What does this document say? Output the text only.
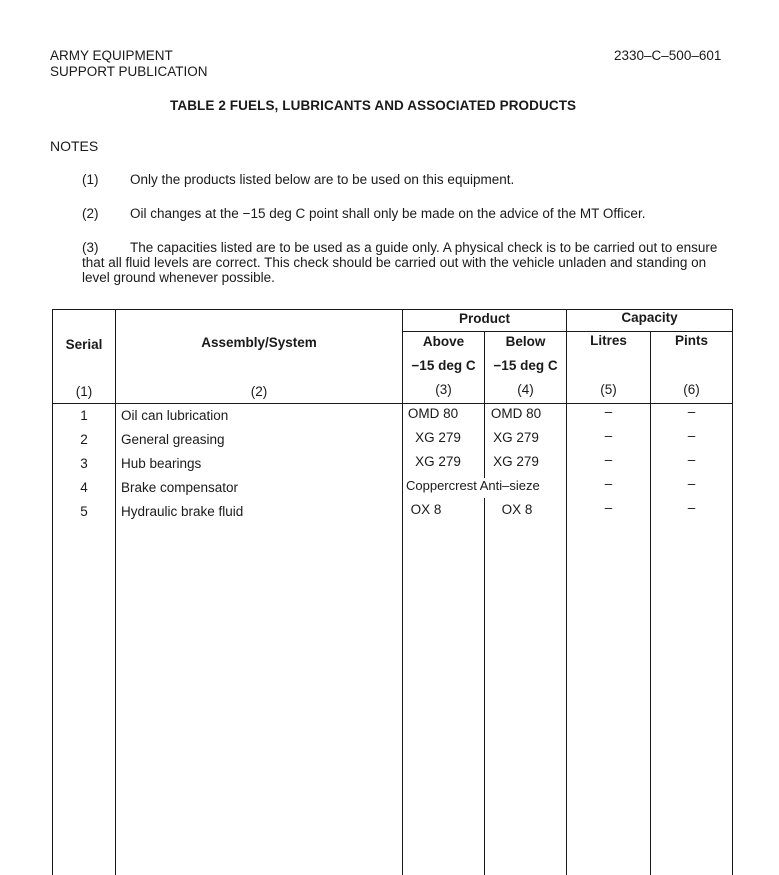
ARMY EQUIPMENT
SUPPORT PUBLICATION
2330–C–500–601
TABLE 2 FUELS, LUBRICANTS AND ASSOCIATED PRODUCTS
NOTES
(1) Only the products listed below are to be used on this equipment.
(2) Oil changes at the −15 deg C point shall only be made on the advice of the MT Officer.
(3) The capacities listed are to be used as a guide only. A physical check is to be carried out to ensure that all fluid levels are correct. This check should be carried out with the vehicle unladen and standing on level ground whenever possible.
Serial	Assembly/System
Product	Capacity
Above
−15 deg C
Below
−15 deg C
Litres	Pints
(1)	(2)	(3)	(4)	(5)	(6)
1	Oil can lubrication	OMD 80	OMD 80	–	–
2	General greasing	XG 279	XG 279	–	–
3	Hub bearings	XG 279	XG 279	–	–
4	Brake compensator	Coppercrest Anti–sieze	–	–
5	Hydraulic brake fluid	OX 8	OX 8	–	–
